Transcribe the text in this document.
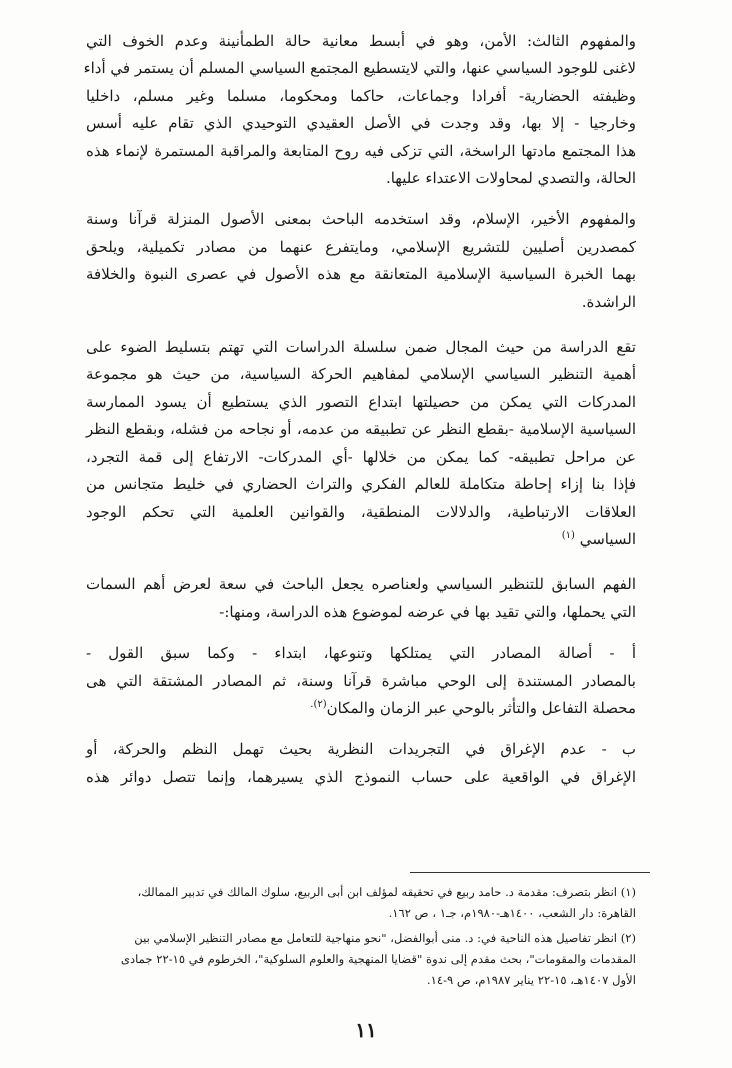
والمفهوم الثالث: الأمن، وهو في أبسط معانية حالة الطمأنينة وعدم الخوف التي
لاغنى للوجود السياسي عنها، والتي لايتسطيع المجتمع السياسي المسلم أن يستمر في أداء
وظيفته الحضارية- أفرادا وجماعات، حاكما ومحكوما، مسلما وغير مسلم، داخليا
وخارجيا - إلا بها، وقد وجدت في الأصل العقيدي التوحيدي الذي تقام عليه أسس
هذا المجتمع مادتها الراسخة، التي تزكى فيه روح المتابعة والمراقبة المستمرة لإنماء هذه
الحالة، والتصدي لمحاولات الاعتداء عليها.

والمفهوم الأخير، الإسلام، وقد استخدمه الباحث بمعنى الأصول المنزلة قرآنا وسنة
كمصدرين أصليين للتشريع الإسلامي، ومايتفرع عنهما من مصادر تكميلية، ويلحق
بهما الخبرة السياسية الإسلامية المتعانقة مع هذه الأصول في عصرى النبوة والخلافة
الراشدة.

تقع الدراسة من حيث المجال ضمن سلسلة الدراسات التي تهتم بتسليط الضوء على
أهمية التنظير السياسي الإسلامي لمفاهيم الحركة السياسية، من حيث هو مجموعة
المدركات التي يمكن من حصيلتها ابتداع التصور الذي يستطيع أن يسود الممارسة
السياسية الإسلامية -بقطع النظر عن تطبيقه من عدمه، أو نجاحه من فشله، وبقطع النظر
عن مراحل تطبيقه- كما يمكن من خلالها -أي المدركات- الارتفاع إلى قمة التجرد،
فإذا بنا إزاء إحاطة متكاملة للعالم الفكري والتراث الحضاري في خليط متجانس من
العلاقات الارتباطية، والدلالات المنطقية، والقوانين العلمية التي تحكم الوجود
السياسي $^{(١)}$

الفهم السابق للتنظير السياسي ولعناصره يجعل الباحث في سعة لعرض أهم السمات
التي يحملها، والتي تقيد بها في عرضه لموضوع هذه الدراسة، ومنها:-

أ - أصالة المصادر التي يمتلكها وتنوعها، ابتداء - وكما سبق القول -
بالمصادر المستندة إلى الوحي مباشرة قرآنا وسنة، ثم المصادر المشتقة التي هى
محصلة التفاعل والتأثر بالوحي عبر الزمان والمكان$^{(٢).}$

ب - عدم الإغراق في التجريدات النظرية بحيث تهمل النظم والحركة، أو
الإغراق في الواقعية على حساب النموذج الذي يسيرهما، وإنما تتصل دوائر هذه

(١) انظر بتصرف: مقدمة د. حامد ربيع في تحقيقه لمؤلف ابن أبى الربيع، سلوك المالك في تدبير الممالك،
القاهرة: دار الشعب، ١٤٠٠هـ-١٩٨٠م، جـ١ ، ص ١٦٢.
(٢) انظر تفاصيل هذه الناحية في: د. منى أبوالفضل، "نحو منهاجية للتعامل مع مصادر التنظير الإسلامي بين
المقدمات والمقومات"، بحث مقدم إلى ندوة "قضايا المنهجية والعلوم السلوكية"، الخرطوم في ١٥-٢٢ جمادى
الأول ١٤٠٧هـ، ١٥-٢٢ يناير ١٩٨٧م، ص ٩-١٤.
١١
